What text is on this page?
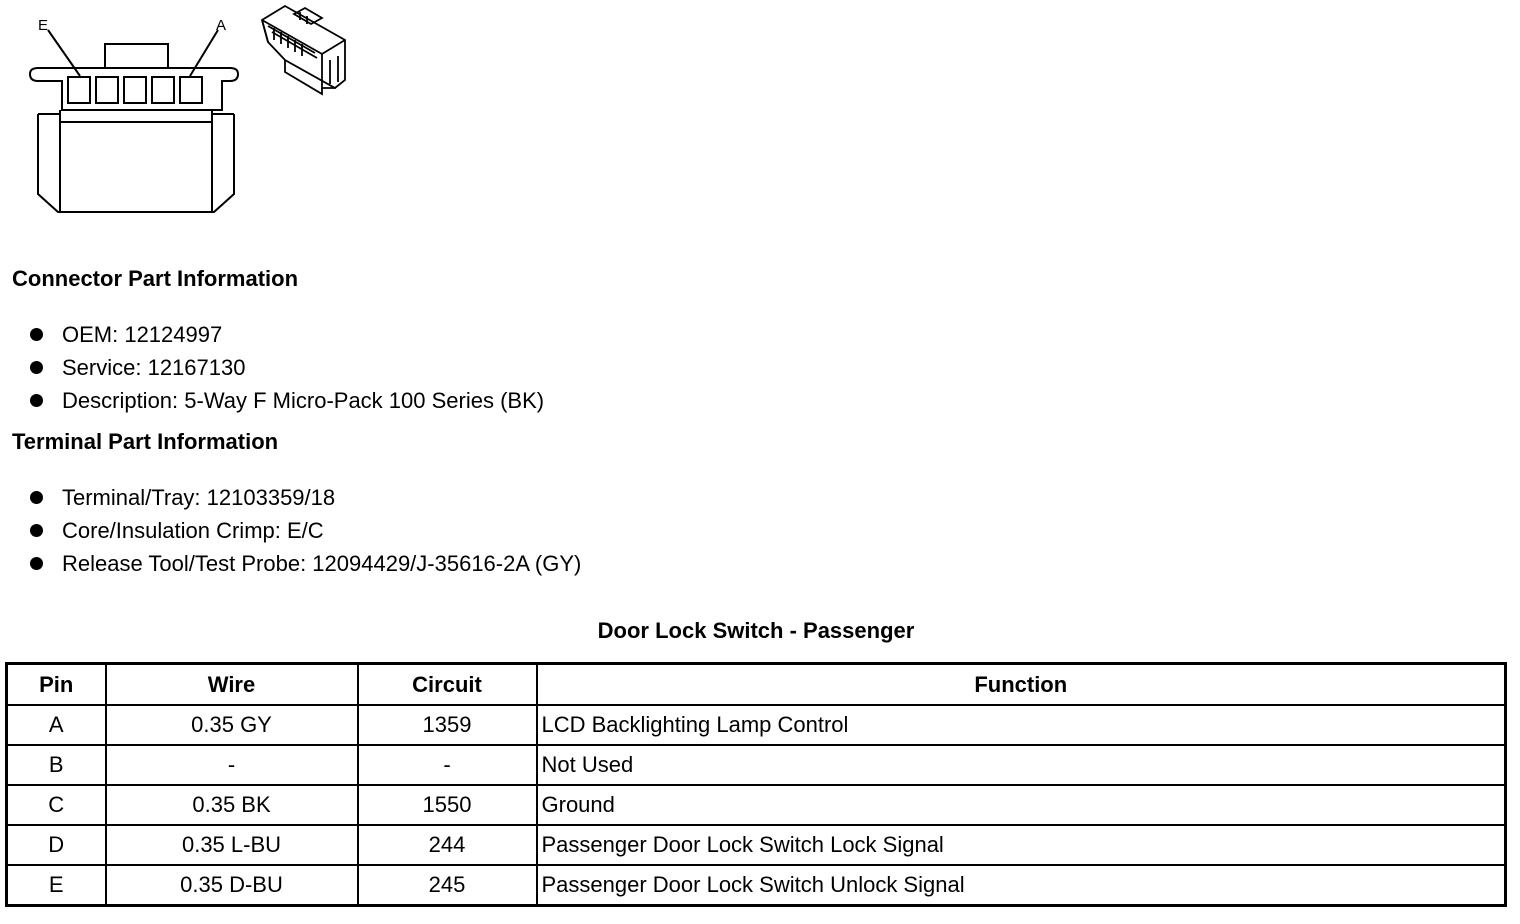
E	A
Connector Part Information
OEM: 12124997
Service: 12167130
Description: 5-Way F Micro-Pack 100 Series (BK)
Terminal Part Information
Terminal/Tray: 12103359/18
Core/Insulation Crimp: E/C
Release Tool/Test Probe: 12094429/J-35616-2A (GY)
Door Lock Switch - Passenger
Pin	Wire	Circuit	Function
A	0.35 GY	1359	LCD Backlighting Lamp Control
B	-	-	Not Used
C	0.35 BK	1550	Ground
D	0.35 L-BU	244	Passenger Door Lock Switch Lock Signal
E	0.35 D-BU	245	Passenger Door Lock Switch Unlock Signal
